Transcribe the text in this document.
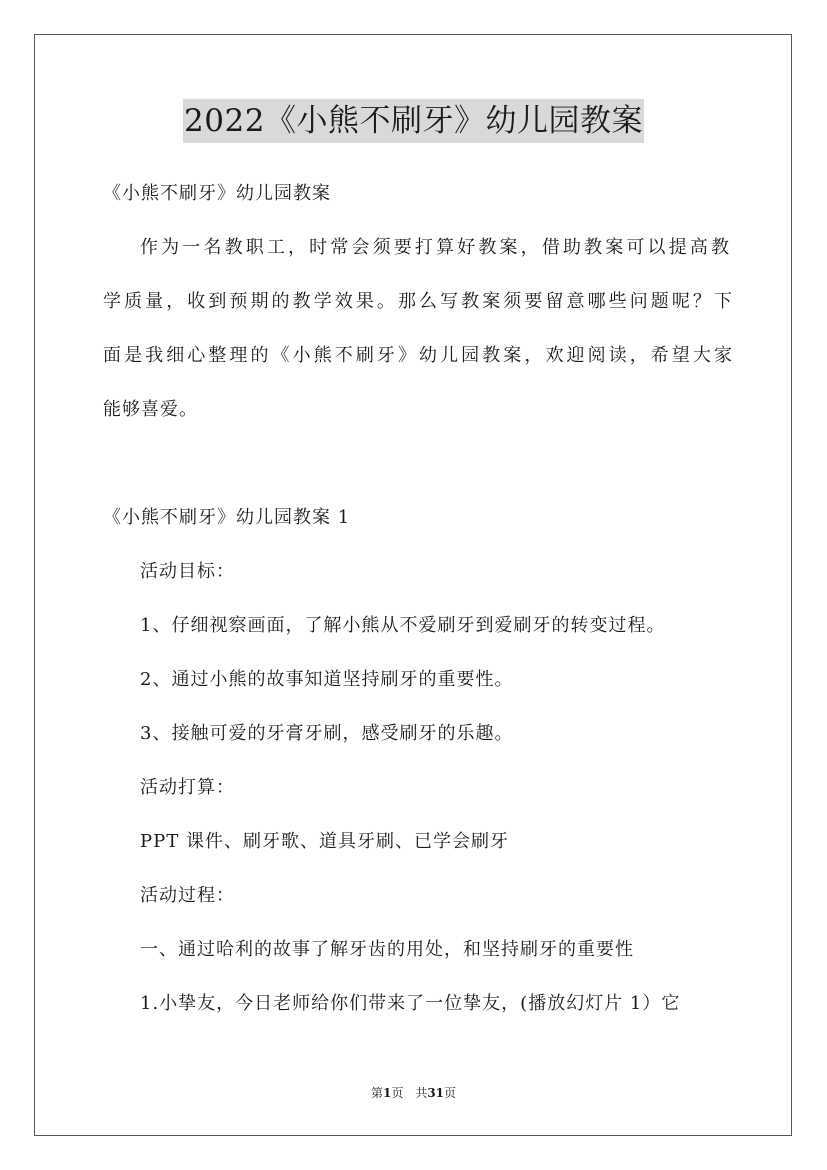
2022《小熊不刷牙》幼儿园教案
《小熊不刷牙》幼儿园教案
作为一名教职工，时常会须要打算好教案，借助教案可以提高教
学质量，收到预期的教学效果。那么写教案须要留意哪些问题呢？下
面是我细心整理的《小熊不刷牙》幼儿园教案，欢迎阅读，希望大家
能够喜爱。
《小熊不刷牙》幼儿园教案 1
活动目标：
1、仔细视察画面，了解小熊从不爱刷牙到爱刷牙的转变过程。
2、通过小熊的故事知道坚持刷牙的重要性。
3、接触可爱的牙膏牙刷，感受刷牙的乐趣。
活动打算：
PPT 课件、刷牙歌、道具牙刷、已学会刷牙
活动过程：
一、通过哈利的故事了解牙齿的用处，和坚持刷牙的重要性
1.小挚友，今日老师给你们带来了一位挚友，(播放幻灯片 1）它
第1页　共31页
